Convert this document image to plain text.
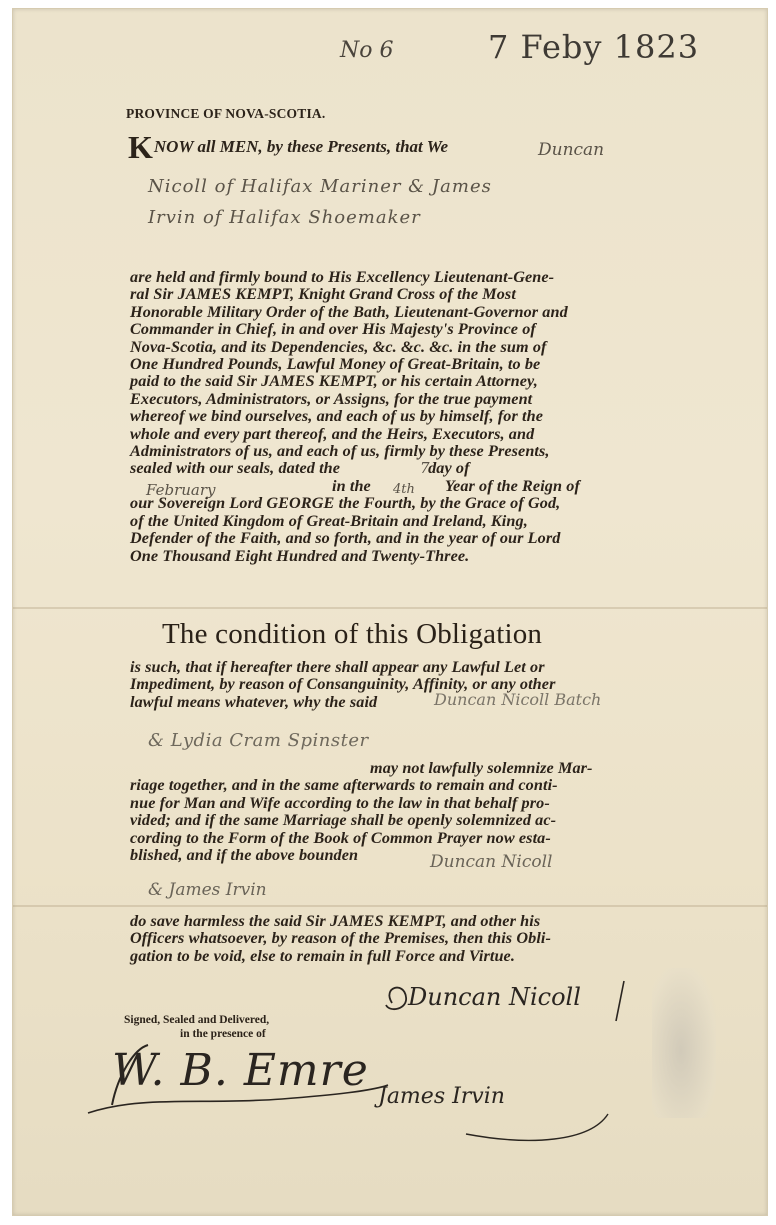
No 6	7 Feby 1823
PROVINCE OF NOVA-SCOTIA.
KNOW all MEN, by these Presents, that We	Duncan
Nicoll of Halifax Mariner & James
Irvin of Halifax Shoemaker
are held and firmly bound to His Excellency Lieutenant-Gene-
ral Sir JAMES KEMPT, Knight Grand Cross of the Most
Honorable Military Order of the Bath, Lieutenant-Governor and
Commander in Chief, in and over His Majesty's Province of
Nova-Scotia, and its Dependencies, &c. &c. &c. in the sum of
One Hundred Pounds, Lawful Money of Great-Britain, to be
paid to the said Sir JAMES KEMPT, or his certain Attorney,
Executors, Administrators, or Assigns, for the true payment
whereof we bind ourselves, and each of us by himself, for the
whole and every part thereof, and the Heirs, Executors, and
Administrators of us, and each of us, firmly by these Presents,
sealed with our seals, dated the	day of
in the	Year of the Reign of
our Sovereign Lord GEORGE the Fourth, by the Grace of God,
of the United Kingdom of Great-Britain and Ireland, King,
Defender of the Faith, and so forth, and in the year of our Lord
One Thousand Eight Hundred and Twenty-Three.
7
February	4th
The condition of this Obligation
is such, that if hereafter there shall appear any Lawful Let or
Impediment, by reason of Consanguinity, Affinity, or any other
lawful means whatever, why the said	Duncan Nicoll Batch
& Lydia Cram Spinster
may not lawfully solemnize Mar-
riage together, and in the same afterwards to remain and conti-
nue for Man and Wife according to the law in that behalf pro-
vided; and if the same Marriage shall be openly solemnized ac-
cording to the Form of the Book of Common Prayer now esta-
blished, and if the above bounden	Duncan Nicoll
& James Irvin
do save harmless the said Sir JAMES KEMPT, and other his
Officers whatsoever, by reason of the Premises, then this Obli-
gation to be void, else to remain in full Force and Virtue.
Duncan Nicoll
Signed, Sealed and Delivered,
in the presence of
W. B. Emre
James Irvin
